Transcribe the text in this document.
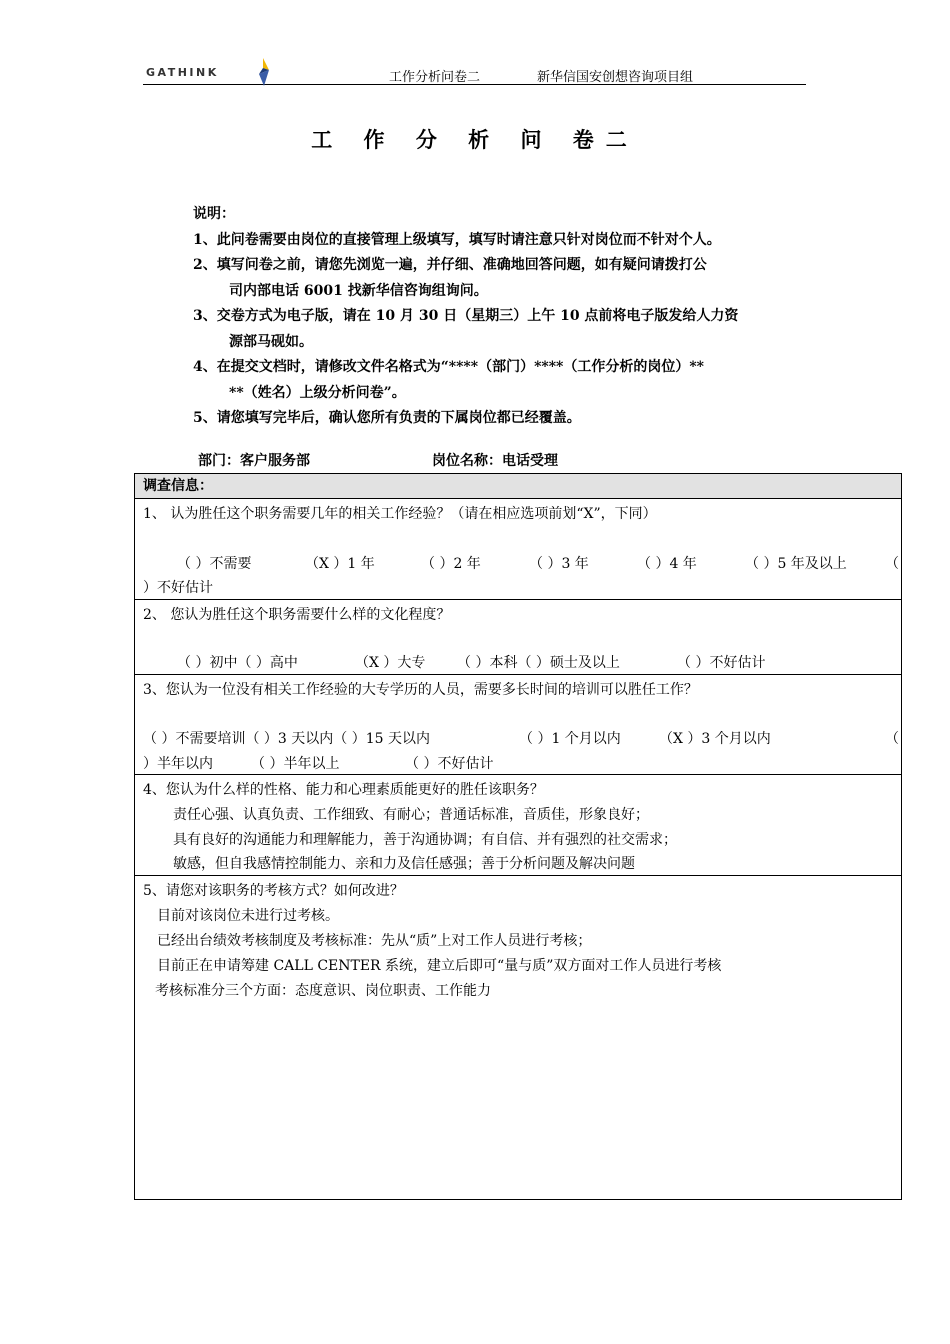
GATHINK	工作分析问卷二	新华信国安创想咨询项目组
工 作 分 析 问 卷二
说明：
1、此问卷需要由岗位的直接管理上级填写，填写时请注意只针对岗位而不针对个人。
2、填写问卷之前，请您先浏览一遍，并仔细、准确地回答问题，如有疑问请拨打公
司内部电话 6001 找新华信咨询组询问。
3、交卷方式为电子版，请在 10 月 30 日（星期三）上午 10 点前将电子版发给人力资
源部马砚如。
4、在提交文档时，请修改文件名格式为“****（部门）****（工作分析的岗位）**
**（姓名）上级分析问卷”。
5、请您填写完毕后，确认您所有负责的下属岗位都已经覆盖。
部门：客户服务部	岗位名称：电话受理
调查信息：
1、 认为胜任这个职务需要几年的相关工作经验？（请在相应选项前划“X”，下同）
（ ）不需要	（X ）1 年	（ ）2 年	（ ）3 年	（ ）4 年	（ ）5 年及以上	（
）不好估计
2、 您认为胜任这个职务需要什么样的文化程度？
（ ）初中（ ）高中	（X ）大专 （ ）本科（ ）硕士及以上	（ ）不好估计
3、您认为一位没有相关工作经验的大专学历的人员，需要多长时间的培训可以胜任工作？
（ ）不需要培训（ ）3 天以内（ ）15 天以内	（ ）1 个月以内	（X ）3 个月以内	（
）半年以内	（ ）半年以上	（ ）不好估计
4、您认为什么样的性格、能力和心理素质能更好的胜任该职务？
责任心强、认真负责、工作细致、有耐心；普通话标准，音质佳，形象良好；
具有良好的沟通能力和理解能力，善于沟通协调；有自信、并有强烈的社交需求；
敏感，但自我感情控制能力、亲和力及信任感强；善于分析问题及解决问题
5、请您对该职务的考核方式？如何改进？
目前对该岗位未进行过考核。
已经出台绩效考核制度及考核标准：先从“质”上对工作人员进行考核；
目前正在申请筹建 CALL CENTER 系统，建立后即可“量与质”双方面对工作人员进行考核
考核标准分三个方面：态度意识、岗位职责、工作能力
